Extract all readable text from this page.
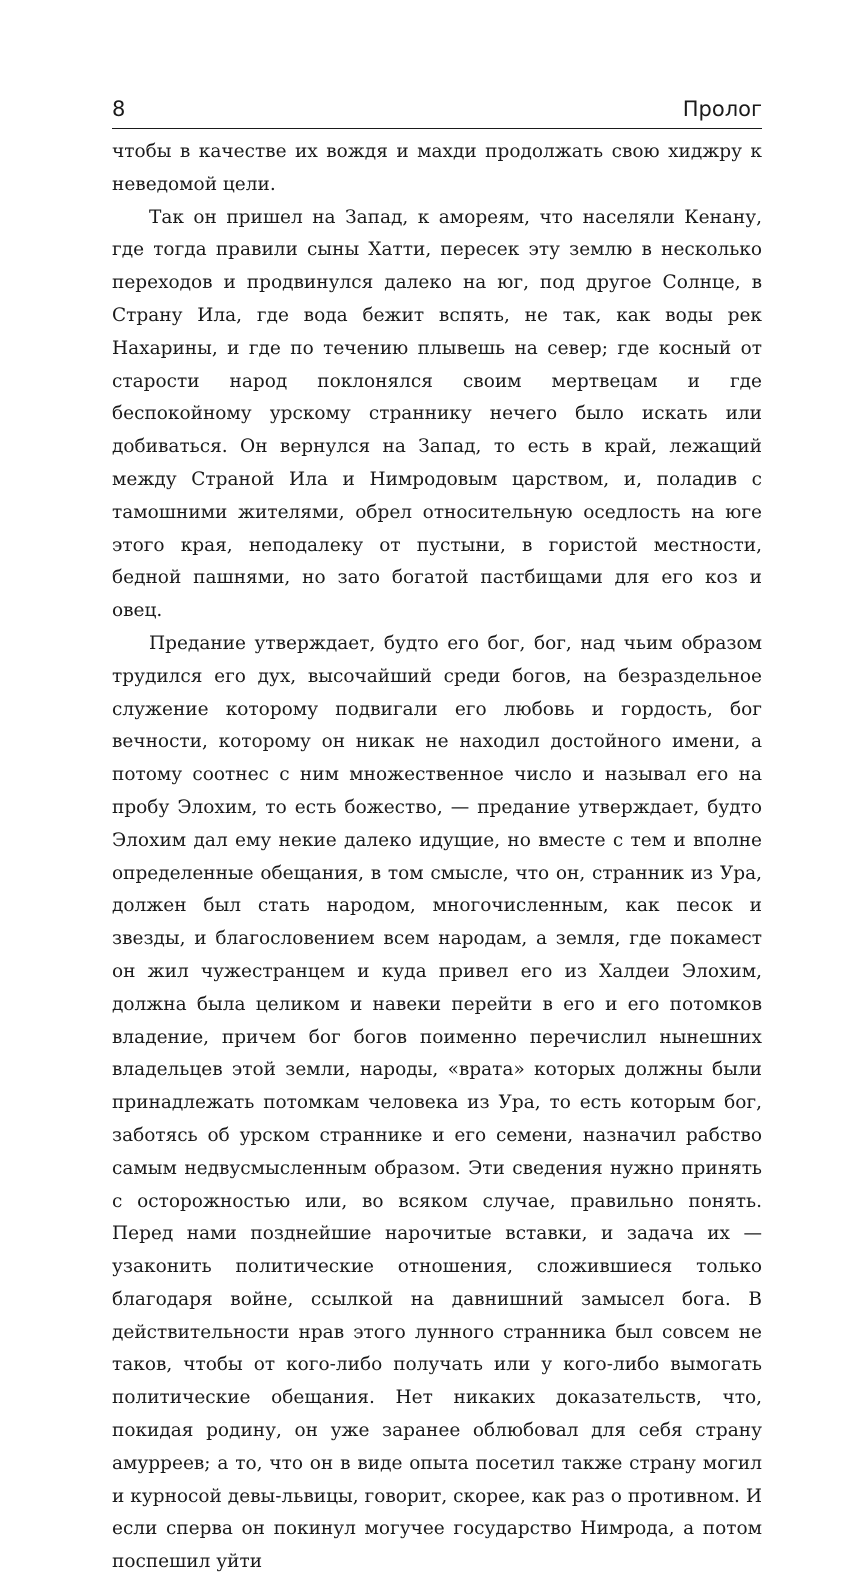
8	Пролог

чтобы в качестве их вождя и махди продолжать свою хиджру к неведомой цели.

Так он пришел на Запад, к амореям, что населяли Кенану, где тогда правили сыны Хатти, пересек эту землю в несколько переходов и продвинулся далеко на юг, под другое Солнце, в Страну Ила, где вода бежит вспять, не так, как воды рек Нахарины, и где по течению плывешь на север; где косный от старости народ поклонялся своим мертвецам и где беспокойному урскому страннику нечего было искать или добиваться. Он вернулся на Запад, то есть в край, лежащий между Страной Ила и Нимродовым царством, и, поладив с тамошними жителями, обрел относительную оседлость на юге этого края, неподалеку от пустыни, в гористой местности, бедной пашнями, но зато богатой пастбищами для его коз и овец.

Предание утверждает, будто его бог, бог, над чьим образом трудился его дух, высочайший среди богов, на безраздельное служение которому подвигали его любовь и гордость, бог вечности, которому он никак не находил достойного имени, а потому соотнес с ним множественное число и называл его на пробу Элохим, то есть божество, — предание утверждает, будто Элохим дал ему некие далеко идущие, но вместе с тем и вполне определенные обещания, в том смысле, что он, странник из Ура, должен был стать народом, многочисленным, как песок и звезды, и благословением всем народам, а земля, где покамест он жил чужестранцем и куда привел его из Халдеи Элохим, должна была целиком и навеки перейти в его и его потомков владение, причем бог богов поименно перечислил нынешних владельцев этой земли, народы, «врата» которых должны были принадлежать потомкам человека из Ура, то есть которым бог, заботясь об урском страннике и его семени, назначил рабство самым недвусмысленным образом. Эти сведения нужно принять с осторожностью или, во всяком случае, правильно понять. Перед нами позднейшие нарочитые вставки, и задача их — узаконить политические отношения, сложившиеся только благодаря войне, ссылкой на давнишний замысел бога. В действительности нрав этого лунного странника был совсем не таков, чтобы от кого-либо получать или у кого-либо вымогать политические обещания. Нет никаких доказательств, что, покидая родину, он уже заранее облюбовал для себя страну амурреев; а то, что он в виде опыта посетил также страну могил и курносой девы-львицы, говорит, скорее, как раз о противном. И если сперва он покинул могучее государство Нимрода, а потом поспешил уйти
